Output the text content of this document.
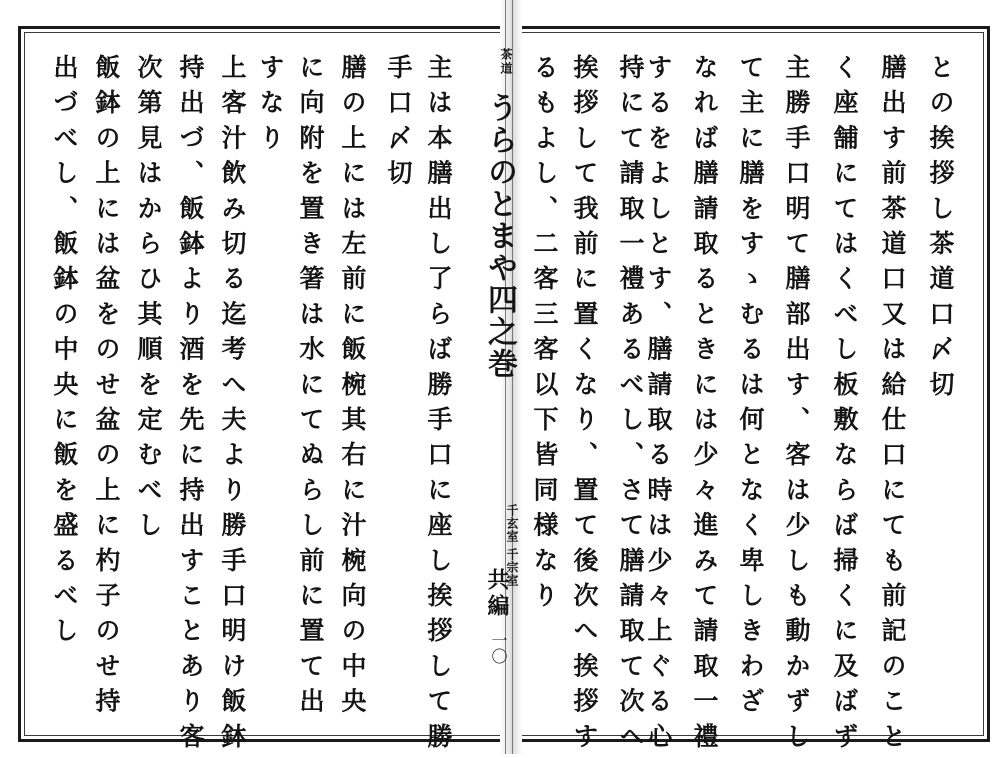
茶道
うらのとまや四之巻
千玄室 千宗室
共編
一〇
との挨拶し茶道口〆切
膳出す前茶道口又は給仕口にても前記のこと
く座舗にてはくべし板敷ならば掃くに及ばず
主勝手口明て膳部出す、客は少しも動かずし
て主に膳をすゝむるは何となく卑しきわざ
なれば膳請取るときには少々進みて請取一禮
するをよしとす、膳請取る時は少々上ぐる心
持にて請取一禮あるべし、さて膳請取て次へ
挨拶して我前に置くなり、置て後次へ挨拶す
るもよし、二客三客以下皆同様なり
主は本膳出し了らば勝手口に座し挨拶して勝
手口〆切
膳の上には左前に飯椀其右に汁椀向の中央
に向附を置き箸は水にてぬらし前に置て出
すなり
上客汁飲み切る迄考へ夫より勝手口明け飯鉢
持出づ、飯鉢より酒を先に持出すことあり客
次第見はからひ其順を定むべし
飯鉢の上には盆をのせ盆の上に杓子のせ持
出づべし、飯鉢の中央に飯を盛るべし
